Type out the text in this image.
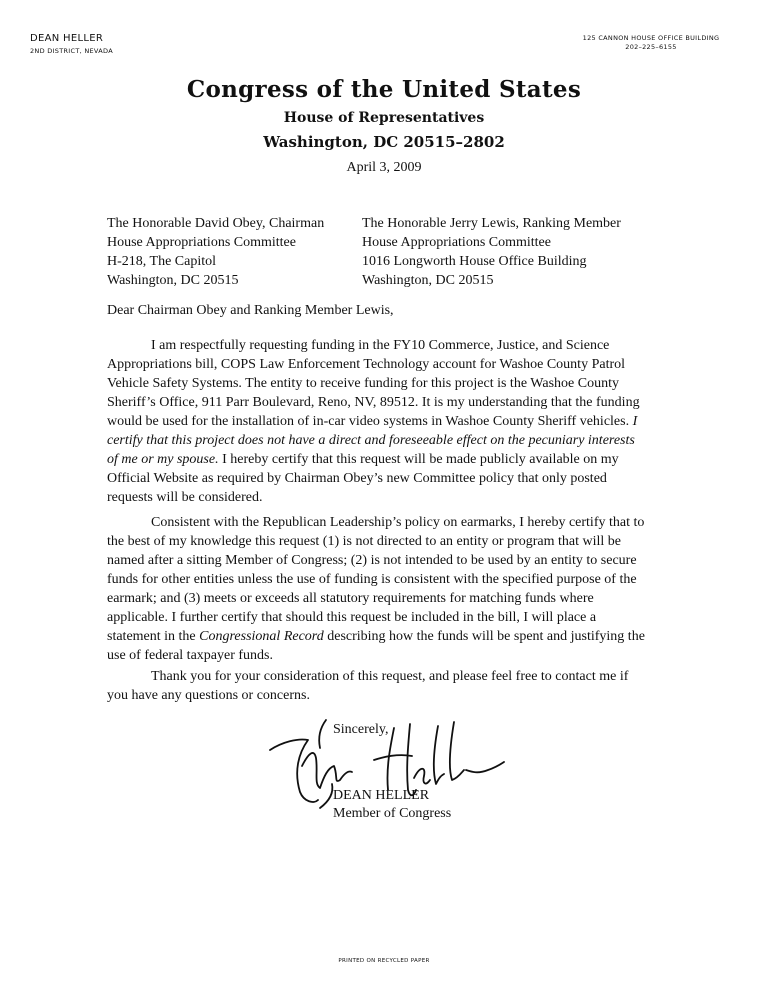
DEAN HELLER
2ND DISTRICT, NEVADA
125 CANNON HOUSE OFFICE BUILDING
202–225–6155
Congress of the United States
House of Representatives
Washington, DC 20515–2802
April 3, 2009
The Honorable David Obey, Chairman
House Appropriations Committee
H-218, The Capitol
Washington, DC 20515
The Honorable Jerry Lewis, Ranking Member
House Appropriations Committee
1016 Longworth House Office Building
Washington, DC 20515
Dear Chairman Obey and Ranking Member Lewis,
I am respectfully requesting funding in the FY10 Commerce, Justice, and Science Appropriations bill, COPS Law Enforcement Technology account for Washoe County Patrol Vehicle Safety Systems. The entity to receive funding for this project is the Washoe County Sheriff’s Office, 911 Parr Boulevard, Reno, NV, 89512. It is my understanding that the funding would be used for the installation of in-car video systems in Washoe County Sheriff vehicles. I certify that this project does not have a direct and foreseeable effect on the pecuniary interests of me or my spouse. I hereby certify that this request will be made publicly available on my Official Website as required by Chairman Obey’s new Committee policy that only posted requests will be considered.
Consistent with the Republican Leadership’s policy on earmarks, I hereby certify that to the best of my knowledge this request (1) is not directed to an entity or program that will be named after a sitting Member of Congress; (2) is not intended to be used by an entity to secure funds for other entities unless the use of funding is consistent with the specified purpose of the earmark; and (3) meets or exceeds all statutory requirements for matching funds where applicable. I further certify that should this request be included in the bill, I will place a statement in the Congressional Record describing how the funds will be spent and justifying the use of federal taxpayer funds.
Thank you for your consideration of this request, and please feel free to contact me if you have any questions or concerns.
Sincerely,
DEAN HELLER
Member of Congress
PRINTED ON RECYCLED PAPER
